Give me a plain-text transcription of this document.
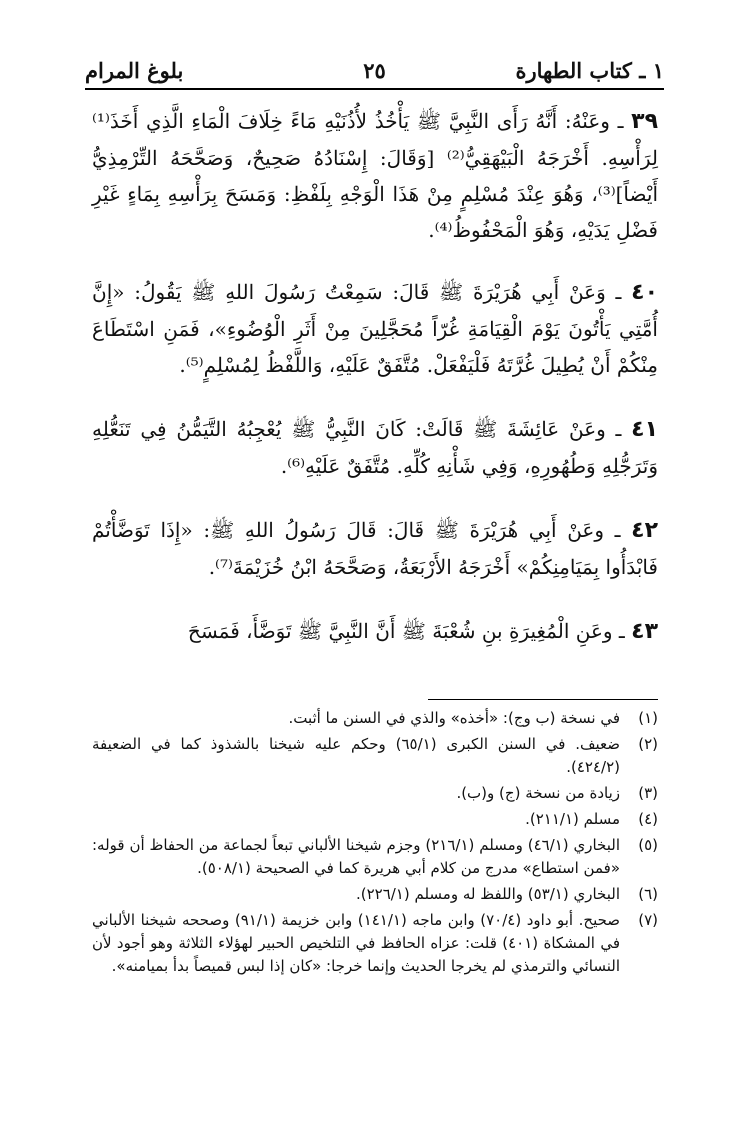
١ ـ كتاب الطهارة
٢٥
بلوغ المرام

٣٩ ـ وعَنْهُ: أَنَّهُ رَأَى النَّبِيَّ ﷺ يَأْخُذُ لأُذُنَيْهِ مَاءً خِلَافَ الْمَاءِ الَّذِي أَخَذَ⁽¹⁾ لِرَأْسِهِ. أَخْرَجَهُ الْبَيْهَقِيُّ⁽²⁾ [وَقَالَ: إِسْنَادُهُ صَحِيحٌ، وَصَحَّحَهُ التِّرْمِذِيُّ أَيْضاً]⁽³⁾، وَهُوَ عِنْدَ مُسْلِمٍ مِنْ هَذَا الْوَجْهِ بِلَفْظِ: وَمَسَحَ بِرَأْسِهِ بِمَاءٍ غَيْرِ فَضْلِ يَدَيْهِ، وَهُوَ الْمَحْفُوظُ⁽⁴⁾.

٤٠ ـ وَعَنْ أَبِي هُرَيْرَةَ ﷺ قَالَ: سَمِعْتُ رَسُولَ اللهِ ﷺ يَقُولُ: «إِنَّ أُمَّتِي يَأْتُونَ يَوْمَ الْقِيَامَةِ غُرّاً مُحَجَّلِينَ مِنْ أَثَرِ الْوُضُوءِ»، فَمَنِ اسْتَطَاعَ مِنْكُمْ أَنْ يُطِيلَ غُرَّتَهُ فَلْيَفْعَلْ. مُتَّفَقٌ عَلَيْهِ، وَاللَّفْظُ لِمُسْلِمٍ⁽⁵⁾.

٤١ ـ وعَنْ عَائِشَةَ ﷺ قَالَتْ: كَانَ النَّبِيُّ ﷺ يُعْجِبُهُ التَّيَمُّنُ فِي تَنَعُّلِهِ وَتَرَجُّلِهِ وَطُهُورِهِ، وَفِي شَأْنِهِ كُلِّهِ. مُتَّفَقٌ عَلَيْهِ⁽⁶⁾.

٤٢ ـ وعَنْ أَبِي هُرَيْرَةَ ﷺ قَالَ: قَالَ رَسُولُ اللهِ ﷺ: «إِذَا تَوَضَّأْتُمْ فَابْدَأُوا بِمَيَامِنِكُمْ» أَخْرَجَهُ الأَرْبَعَةُ، وَصَحَّحَهُ ابْنُ خُزَيْمَةَ⁽⁷⁾.

٤٣ ـ وعَنِ الْمُغِيرَةِ بنِ شُعْبَةَ ﷺ أَنَّ النَّبِيَّ ﷺ تَوَضَّأَ، فَمَسَحَ

(١)
في نسخة (ب وج): «أخذه» والذي في السنن ما أثبت.
(٢)
ضعيف. في السنن الكبرى (٦٥/١) وحكم عليه شيخنا بالشذوذ كما في الضعيفة (٤٢٤/٢).
(٣)
زيادة من نسخة (ج) و(ب).
(٤)
مسلم (٢١١/١).
(٥)
البخاري (٤٦/١) ومسلم (٢١٦/١) وجزم شيخنا الألباني تبعاً لجماعة من الحفاظ أن قوله: «فمن استطاع» مدرج من كلام أبي هريرة كما في الصحيحة (٥٠٨/١).
(٦)
البخاري (٥٣/١) واللفظ له ومسلم (٢٢٦/١).
(٧)
صحيح. أبو داود (٧٠/٤) وابن ماجه (١٤١/١) وابن خزيمة (٩١/١) وصححه شيخنا الألباني في المشكاة (٤٠١) قلت: عزاه الحافظ في التلخيص الحبير لهؤلاء الثلاثة وهو أجود لأن النسائي والترمذي لم يخرجا الحديث وإنما خرجا: «كان إذا لبس قميصاً بدأ بميامنه».
